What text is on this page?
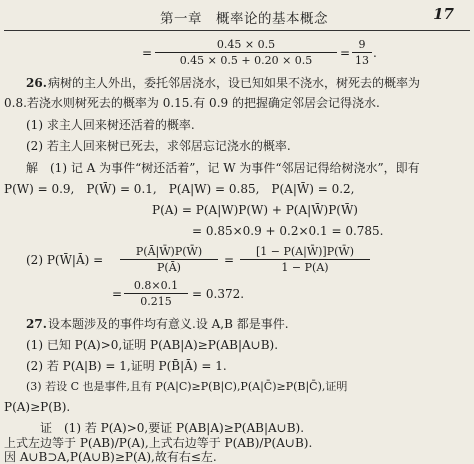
第一章　概率论的基本概念	17
= $\frac{0.45 \times 0.5}{0.45 \times 0.5 + 0.20 \times 0.5} = \frac{9}{13}$ .
26. 病树的主人外出，委托邻居浇水，设已知如果不浇水，树死去的概率为
0.8.若浇水则树死去的概率为 0.15.有 0.9 的把握确定邻居会记得浇水.
(1) 求主人回来树还活着的概率.
(2) 若主人回来树已死去，求邻居忘记浇水的概率.
解　(1) 记 A 为事件“树还活着”，记 W 为事件“邻居记得给树浇水”，即有
P(W) = 0.9,　P(W̄) = 0.1,　P(A|W) = 0.85,　P(A|W̄) = 0.2,
P(A) = P(A|W)P(W) + P(A|W̄)P(W̄)
= 0.85×0.9 + 0.2×0.1 = 0.785.
(2) P(W̄|Ā) = $\frac{P(Ā|W̄)P(W̄)}{P(Ā)} = \frac{[1 - P(A|W̄)]P(W̄)}{1 - P(A)}$
= $\frac{0.8\times 0.1}{0.215} = 0.372$.
27. 设本题涉及的事件均有意义.设 A,B 都是事件.
(1) 已知 P(A)>0,证明 P(AB|A)≥P(AB|A∪B).
(2) 若 P(A|B) = 1,证明 P(B̄|Ā) = 1.
(3) 若设 C 也是事件,且有 P(A|C)≥P(B|C),P(A|C̄)≥P(B|C̄),证明
P(A)≥P(B).
证　(1) 若 P(A)>0,要证 P(AB|A)≥P(AB|A∪B).
上式左边等于 P(AB)/P(A),上式右边等于 P(AB)/P(A∪B).
因 A∪B⊃A,P(A∪B)≥P(A),故有右≤左.
